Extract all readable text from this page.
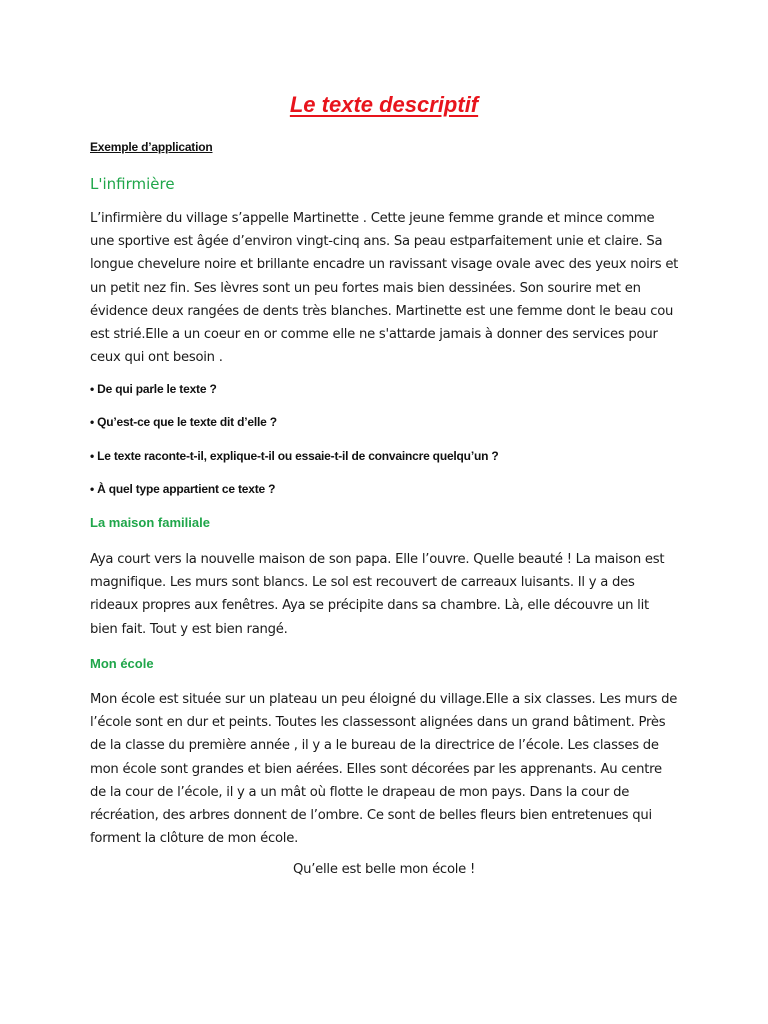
Le texte descriptif
Exemple d’application
L'infirmière

L’infirmière du village s’appelle Martinette . Cette jeune femme grande et mince comme
une sportive est âgée d’environ vingt-cinq ans. Sa peau estparfaitement unie et claire. Sa
longue chevelure noire et brillante encadre un ravissant visage ovale avec des yeux noirs et
un petit nez fin. Ses lèvres sont un peu fortes mais bien dessinées. Son sourire met en
évidence deux rangées de dents très blanches. Martinette est une femme dont le beau cou
est strié.Elle a un coeur en or comme elle ne s'attarde jamais à donner des services pour
ceux qui ont besoin .

• De qui parle le texte ?
• Qu’est-ce que le texte dit d’elle ?
• Le texte raconte-t-il, explique-t-il ou essaie-t-il de convaincre quelqu’un ?
• À quel type appartient ce texte ?
La maison familiale

Aya court vers la nouvelle maison de son papa. Elle l’ouvre. Quelle beauté ! La maison est
magnifique. Les murs sont blancs. Le sol est recouvert de carreaux luisants. Il y a des
rideaux propres aux fenêtres. Aya se précipite dans sa chambre. Là, elle découvre un lit
bien fait. Tout y est bien rangé.

Mon école

Mon école est située sur un plateau un peu éloigné du village.Elle a six classes. Les murs de
l’école sont en dur et peints. Toutes les classessont alignées dans un grand bâtiment. Près
de la classe du première année , il y a le bureau de la directrice de l’école. Les classes de
mon école sont grandes et bien aérées. Elles sont décorées par les apprenants. Au centre
de la cour de l’école, il y a un mât où flotte le drapeau de mon pays. Dans la cour de
récréation, des arbres donnent de l’ombre. Ce sont de belles fleurs bien entretenues qui
forment la clôture de mon école.

Qu’elle est belle mon école !
